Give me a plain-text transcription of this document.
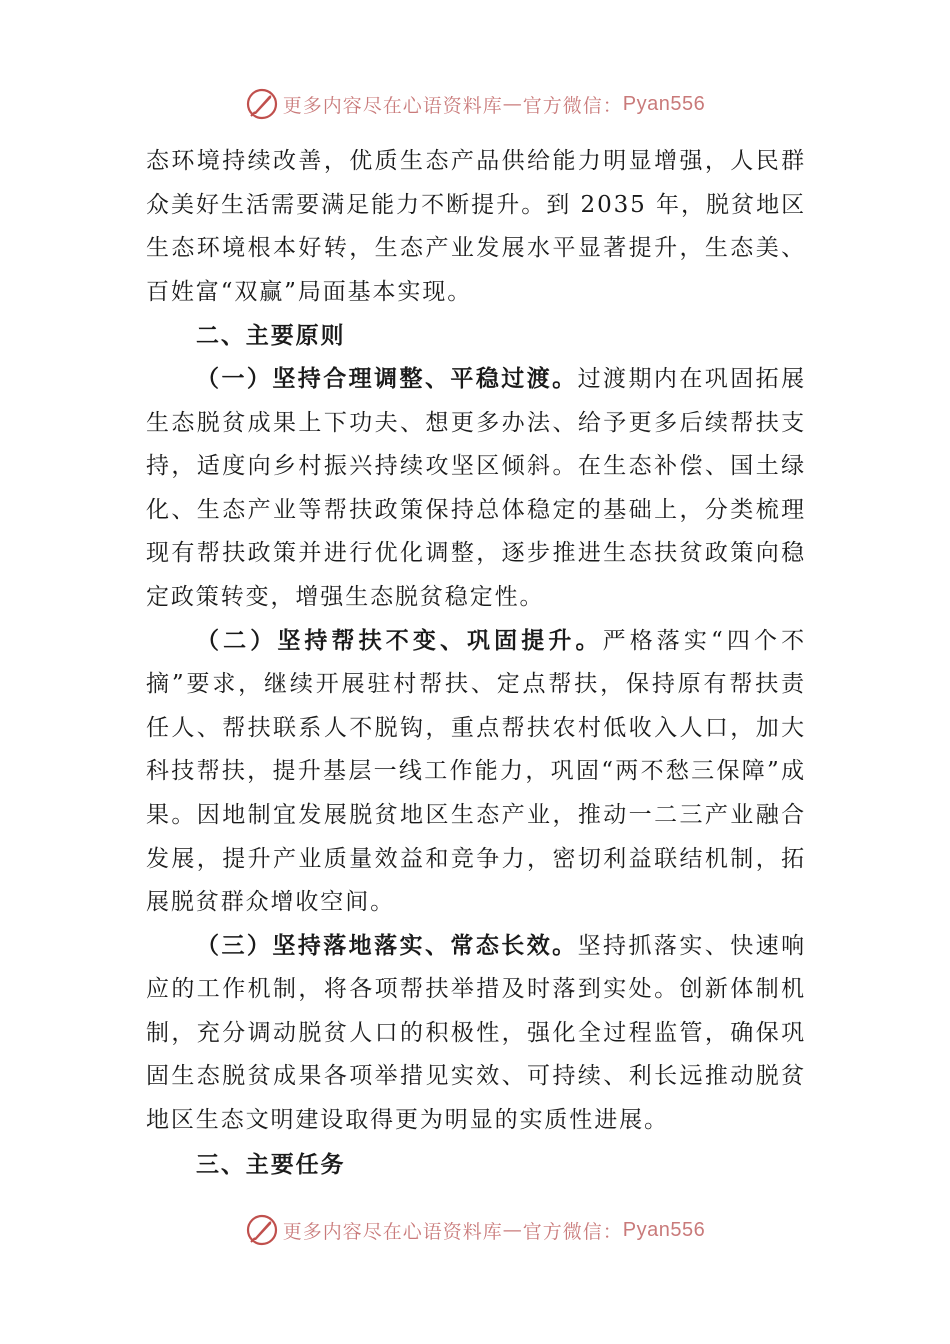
更多内容尽在心语资料库 — 官方微信： Pyan556

态环境持续改善，优质生态产品供给能力明显增强，人民群众美好生活需要满足能力不断提升。到 2035 年，脱贫地区生态环境根本好转，生态产业发展水平显著提升，生态美、百姓富“双赢”局面基本实现。

二、主要原则

（一）坚持合理调整、平稳过渡。过渡期内在巩固拓展生态脱贫成果上下功夫、想更多办法、给予更多后续帮扶支持，适度向乡村振兴持续攻坚区倾斜。在生态补偿、国土绿化、生态产业等帮扶政策保持总体稳定的基础上，分类梳理现有帮扶政策并进行优化调整，逐步推进生态扶贫政策向稳定政策转变，增强生态脱贫稳定性。

（二）坚持帮扶不变、巩固提升。严格落实“四个不摘”要求，继续开展驻村帮扶、定点帮扶，保持原有帮扶责任人、帮扶联系人不脱钩，重点帮扶农村低收入人口，加大科技帮扶，提升基层一线工作能力，巩固“两不愁三保障”成果。因地制宜发展脱贫地区生态产业，推动一二三产业融合发展，提升产业质量效益和竞争力，密切利益联结机制，拓展脱贫群众增收空间。

（三）坚持落地落实、常态长效。坚持抓落实、快速响应的工作机制，将各项帮扶举措及时落到实处。创新体制机制，充分调动脱贫人口的积极性，强化全过程监管，确保巩固生态脱贫成果各项举措见实效、可持续、利长远推动脱贫地区生态文明建设取得更为明显的实质性进展。

三、主要任务

更多内容尽在心语资料库 — 官方微信： Pyan556
